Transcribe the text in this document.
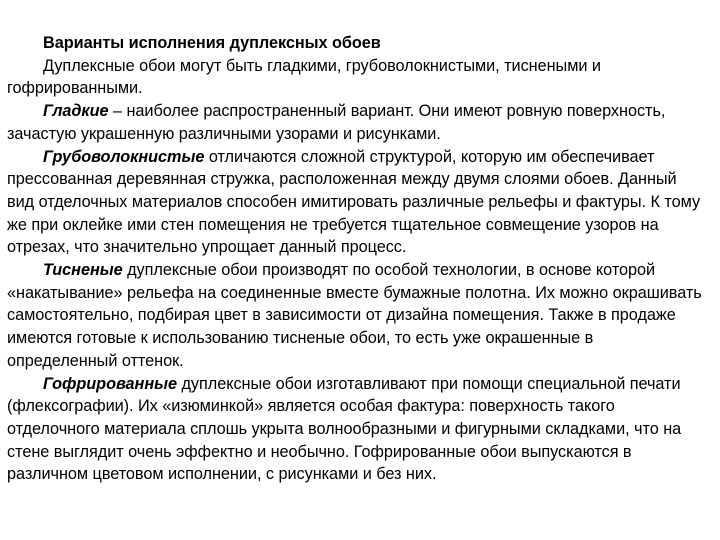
Варианты исполнения дуплексных обоев

Дуплексные обои могут быть гладкими, грубоволокнистыми, тиснеными и гофрированными.

Гладкие – наиболее распространенный вариант. Они имеют ровную поверхность, зачастую украшенную различными узорами и рисунками.

Грубоволокнистые отличаются сложной структурой, которую им обеспечивает прессованная деревянная стружка, расположенная между двумя слоями обоев. Данный вид отделочных материалов способен имитировать различные рельефы и фактуры. К тому же при оклейке ими стен помещения не требуется тщательное совмещение узоров на отрезах, что значительно упрощает данный процесс.

Тисненые дуплексные обои производят по особой технологии, в основе которой «накатывание» рельефа на соединенные вместе бумажные полотна. Их можно окрашивать самостоятельно, подбирая цвет в зависимости от дизайна помещения. Также в продаже имеются готовые к использованию тисненые обои, то есть уже окрашенные в определенный оттенок.

Гофрированные дуплексные обои изготавливают при помощи специальной печати (флексографии). Их «изюминкой» является особая фактура: поверхность такого отделочного материала сплошь укрыта волнообразными и фигурными складками, что на стене выглядит очень эффектно и необычно. Гофрированные обои выпускаются в различном цветовом исполнении, с рисунками и без них.
